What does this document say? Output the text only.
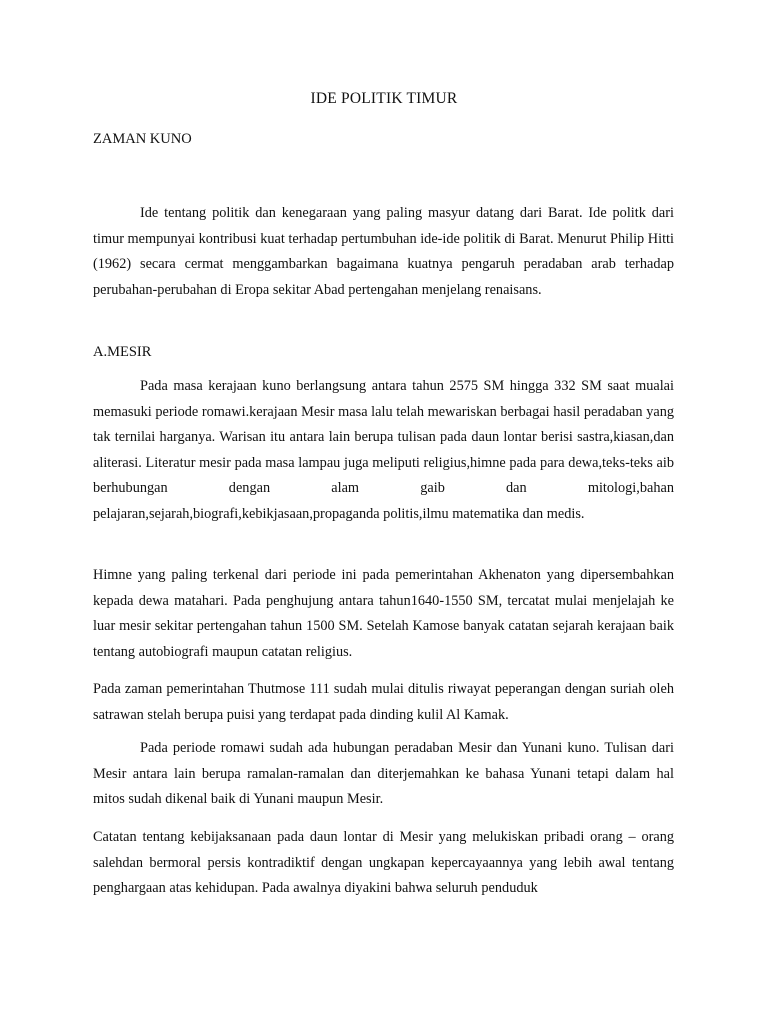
IDE POLITIK TIMUR
ZAMAN KUNO

Ide tentang politik dan kenegaraan yang paling masyur datang dari Barat. Ide politk dari timur mempunyai kontribusi kuat terhadap pertumbuhan ide-ide politik di Barat. Menurut Philip Hitti (1962) secara cermat menggambarkan bagaimana kuatnya pengaruh peradaban arab terhadap perubahan-perubahan di Eropa sekitar Abad pertengahan menjelang renaisans.

A.MESIR

Pada masa kerajaan kuno berlangsung antara tahun 2575 SM hingga 332 SM saat mualai memasuki periode romawi.kerajaan Mesir masa lalu telah mewariskan berbagai hasil peradaban yang tak ternilai harganya. Warisan itu antara lain berupa tulisan pada daun lontar berisi sastra,kiasan,dan aliterasi. Literatur mesir pada masa lampau juga meliputi religius,himne pada para dewa,teks-teks aib berhubungan dengan alam gaib dan mitologi,bahan pelajaran,sejarah,biografi,kebikjasaan,propaganda politis,ilmu matematika dan medis.

Himne yang paling terkenal dari periode ini pada pemerintahan Akhenaton yang dipersembahkan kepada dewa matahari. Pada penghujung antara tahun1640-1550 SM, tercatat mulai menjelajah ke luar mesir sekitar pertengahan tahun 1500 SM. Setelah Kamose banyak catatan sejarah kerajaan baik tentang autobiografi maupun catatan religius.

Pada zaman pemerintahan Thutmose 111 sudah mulai ditulis riwayat peperangan dengan suriah oleh satrawan stelah berupa puisi yang terdapat pada dinding kulil Al Kamak.

Pada periode romawi sudah ada hubungan peradaban Mesir dan Yunani kuno. Tulisan dari Mesir antara lain berupa ramalan-ramalan dan diterjemahkan ke bahasa Yunani tetapi dalam hal mitos sudah dikenal baik di Yunani maupun Mesir.

Catatan tentang kebijaksanaan pada daun lontar di Mesir yang melukiskan pribadi orang – orang salehdan bermoral persis kontradiktif dengan ungkapan kepercayaannya yang lebih awal tentang penghargaan atas kehidupan. Pada awalnya diyakini bahwa seluruh penduduk
